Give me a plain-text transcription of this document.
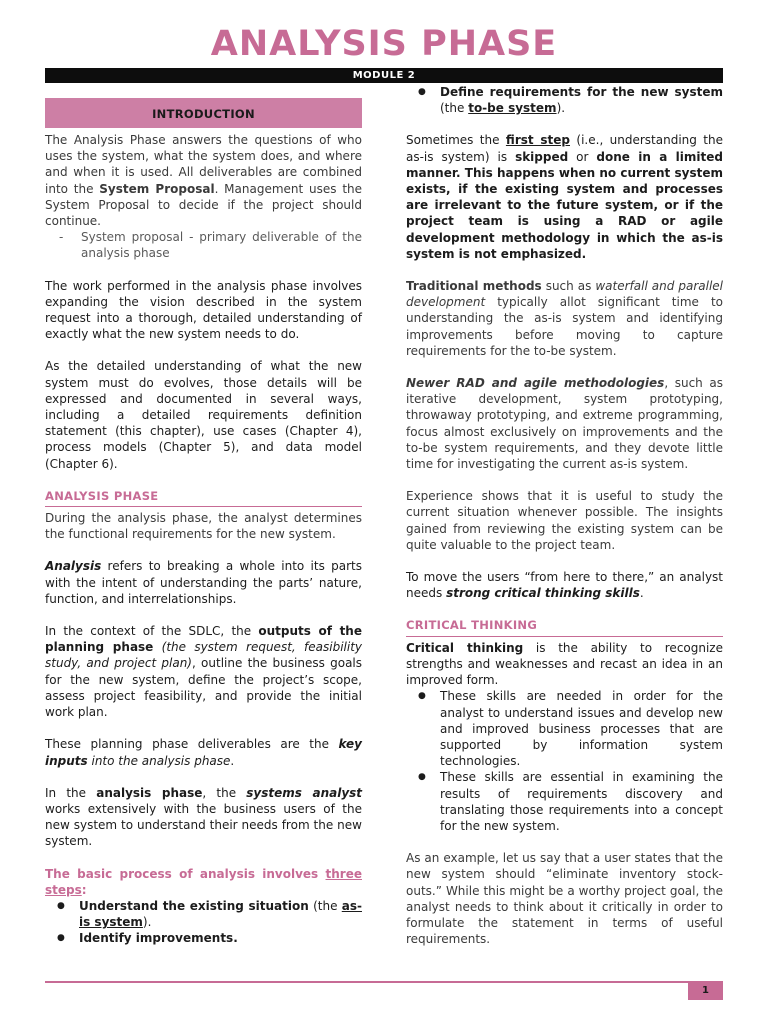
ANALYSIS PHASE
MODULE 2
INTRODUCTION

The Analysis Phase answers the questions of who uses the system, what the system does, and where and when it is used. All deliverables are combined into the System Proposal. Management uses the System Proposal to decide if the project should continue.

- System proposal - primary deliverable of the analysis phase

The work performed in the analysis phase involves expanding the vision described in the system request into a thorough, detailed understanding of exactly what the new system needs to do.

As the detailed understanding of what the new system must do evolves, those details will be expressed and documented in several ways, including a detailed requirements definition statement (this chapter), use cases (Chapter 4), process models (Chapter 5), and data model (Chapter 6).

ANALYSIS PHASE

During the analysis phase, the analyst determines the functional requirements for the new system.

Analysis refers to breaking a whole into its parts with the intent of understanding the parts’ nature, function, and interrelationships.

In the context of the SDLC, the outputs of the planning phase (the system request, feasibility study, and project plan), outline the business goals for the new system, define the project’s scope, assess project feasibility, and provide the initial work plan.

These planning phase deliverables are the key inputs into the analysis phase.

In the analysis phase, the systems analyst works extensively with the business users of the new system to understand their needs from the new system.

The basic process of analysis involves three steps:

● Understand the existing situation (the as-is system).
● Identify improvements.
● Define requirements for the new system (the to-be system).

Sometimes the first step (i.e., understanding the as-is system) is skipped or done in a limited manner. This happens when no current system exists, if the existing system and processes are irrelevant to the future system, or if the project team is using a RAD or agile development methodology in which the as-is system is not emphasized.

Traditional methods such as waterfall and parallel development typically allot significant time to understanding the as-is system and identifying improvements before moving to capture requirements for the to-be system.

Newer RAD and agile methodologies, such as iterative development, system prototyping, throwaway prototyping, and extreme programming, focus almost exclusively on improvements and the to-be system requirements, and they devote little time for investigating the current as-is system.

Experience shows that it is useful to study the current situation whenever possible. The insights gained from reviewing the existing system can be quite valuable to the project team.

To move the users “from here to there,” an analyst needs strong critical thinking skills.

CRITICAL THINKING

Critical thinking is the ability to recognize strengths and weaknesses and recast an idea in an improved form.

● These skills are needed in order for the analyst to understand issues and develop new and improved business processes that are supported by information system technologies.
● These skills are essential in examining the results of requirements discovery and translating those requirements into a concept for the new system.

As an example, let us say that a user states that the new system should “eliminate inventory stock-outs.” While this might be a worthy project goal, the analyst needs to think about it critically in order to formulate the statement in terms of useful requirements.

1
